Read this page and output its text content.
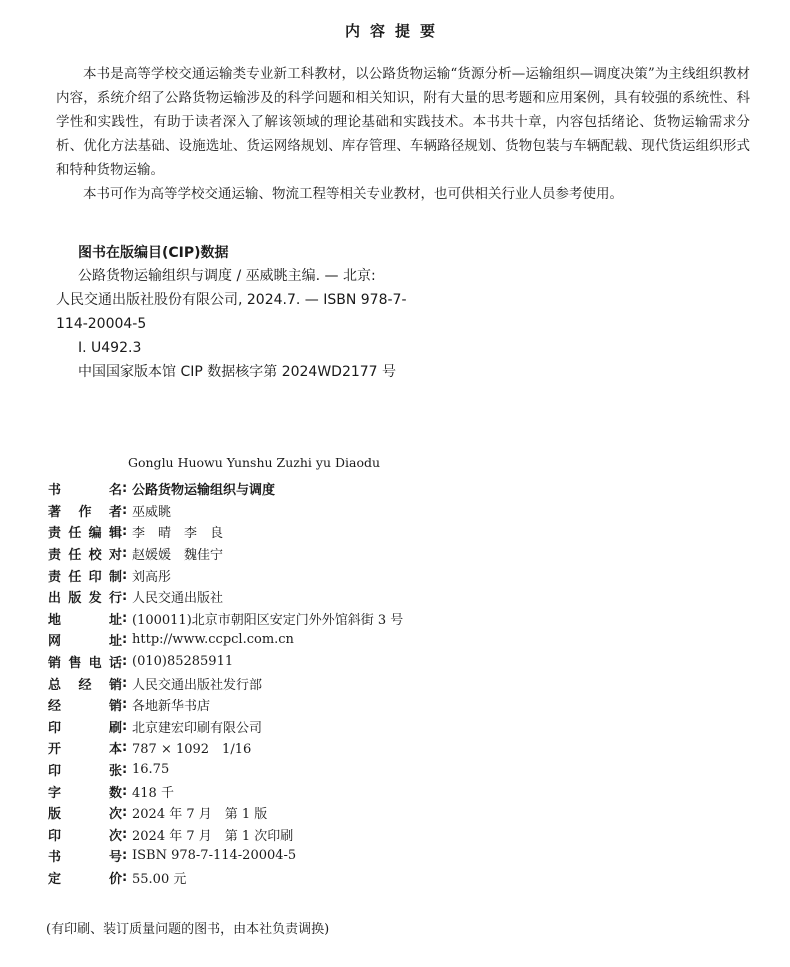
内容提要

本书是高等学校交通运输类专业新工科教材，以公路货物运输“货源分析—运输组织—调度决策”为主线组织教材内容，系统介绍了公路货物运输涉及的科学问题和相关知识，附有大量的思考题和应用案例，具有较强的系统性、科学性和实践性，有助于读者深入了解该领域的理论基础和实践技术。本书共十章，内容包括绪论、货物运输需求分析、优化方法基础、设施选址、货运网络规划、库存管理、车辆路径规划、货物包装与车辆配载、现代货运组织形式和特种货物运输。

本书可作为高等学校交通运输、物流工程等相关专业教材，也可供相关行业人员参考使用。

图书在版编目(CIP)数据
公路货物运输组织与调度 / 巫威眺主编. — 北京:
人民交通出版社股份有限公司, 2024.7. — ISBN 978-7-
114-20004-5
Ⅰ. U492.3
中国国家版本馆 CIP 数据核字第 2024WD2177 号
Gonglu Huowu Yunshu Zuzhi yu Diaodu
书	名 : 公路货物运输组织与调度
著 作 者 : 巫威眺
责 任 编 辑 : 李　晴　李　良
责 任 校 对 : 赵媛媛　魏佳宁
责 任 印 制 : 刘高彤
出 版 发 行 : 人民交通出版社
地	址 : (100011)北京市朝阳区安定门外外馆斜街 3 号
网	址 : http://www.ccpcl.com.cn
销 售 电 话 : (010)85285911
总 经 销 : 人民交通出版社发行部
经	销 : 各地新华书店
印	刷 : 北京建宏印刷有限公司
开	本 : 787 × 1092　1/16
印	张 : 16.75
字	数 : 418 千
版	次 : 2024 年 7 月　第 1 版
印	次 : 2024 年 7 月　第 1 次印刷
书	号 : ISBN 978-7-114-20004-5
定	价 : 55.00 元
(有印刷、装订质量问题的图书，由本社负责调换)
